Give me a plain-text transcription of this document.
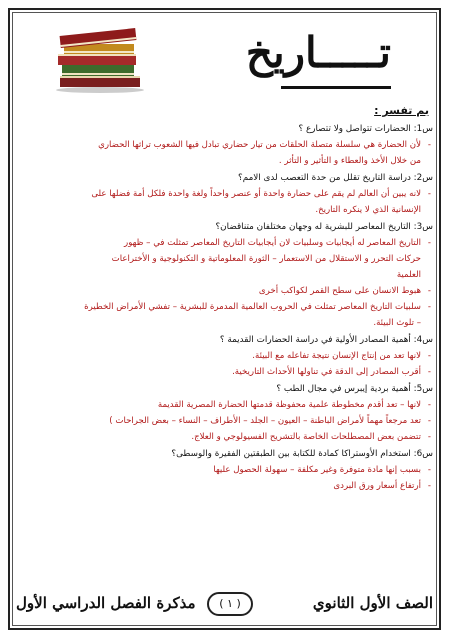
تـــــاريخ
بم تفسر :
س1: الحضارات تتواصل ولا تتصارع ؟
- لأن الحضارة هي سلسلة متصلة الحلقات من تيار حضاري تبادل فيها الشعوب تراثها الحضاري
من خلال الأخذ والعطاء و التأثير و التأثر .
س2: دراسة التاريخ تقلل من حدة التعصب لدى الامم؟
- لانه يبين أن العالم لم يقم على حضارة واحدة أو عنصر واحداً ولغة واحدة فلكل أمة فضلها على
الإنسانية الذي لا ينكره التاريخ.
س3: التاريخ المعاصر للبشرية له وجهان مختلفان متناقضان؟
- التاريخ المعاصر له أيجابيات وسلبيات لان أيجابيات التاريخ المعاصر تمثلت في – ظهور
حركات التحرر و الاستقلال من الاستعمار – الثورة المعلوماتية و التكنولوجية و الأختراعات
العلمية
- هبوط الانسان على سطح القمر لكواكب أخرى
- سلبيات التاريخ المعاصر تمثلت في الحروب العالمية المدمرة للبشرية – تفشي الأمراض الخطيرة
– تلوث البيئة.
س4: أهمية المصادر الأولية في دراسة الحضارات القديمة ؟
- لانها تعد من إنتاج الإنسان نتيجة تفاعله مع البيئة.
- أقرب المصادر إلى الدقة في تناولها الأحداث التاريخية.
س5: أهمية بردية إيبرس في مجال الطب ؟
- لانها – تعد أقدم مخطوطة علمية محفوظة قدمتها الحضارة المصرية القديمة
- تعد مرجعاً مهماً لأمراض الباطنة – العيون – الجلد – الأطراف – النساء – بعض الجراحات )
- تتضمن بعض المصطلحات الخاصة بالتشريح الفسيولوجي و العلاج.
س6: استخدام الأوستراكا كمادة للكتابة بين الطبقتين الفقيرة والوسطى؟
- بسبب إنها مادة متوفرة وغير مكلفة – سهولة الحصول عليها
- أرتفاع أسعار ورق البردى
الصف الأول الثانوي
( ١ )
مذكرة الفصل الدراسي الأول
